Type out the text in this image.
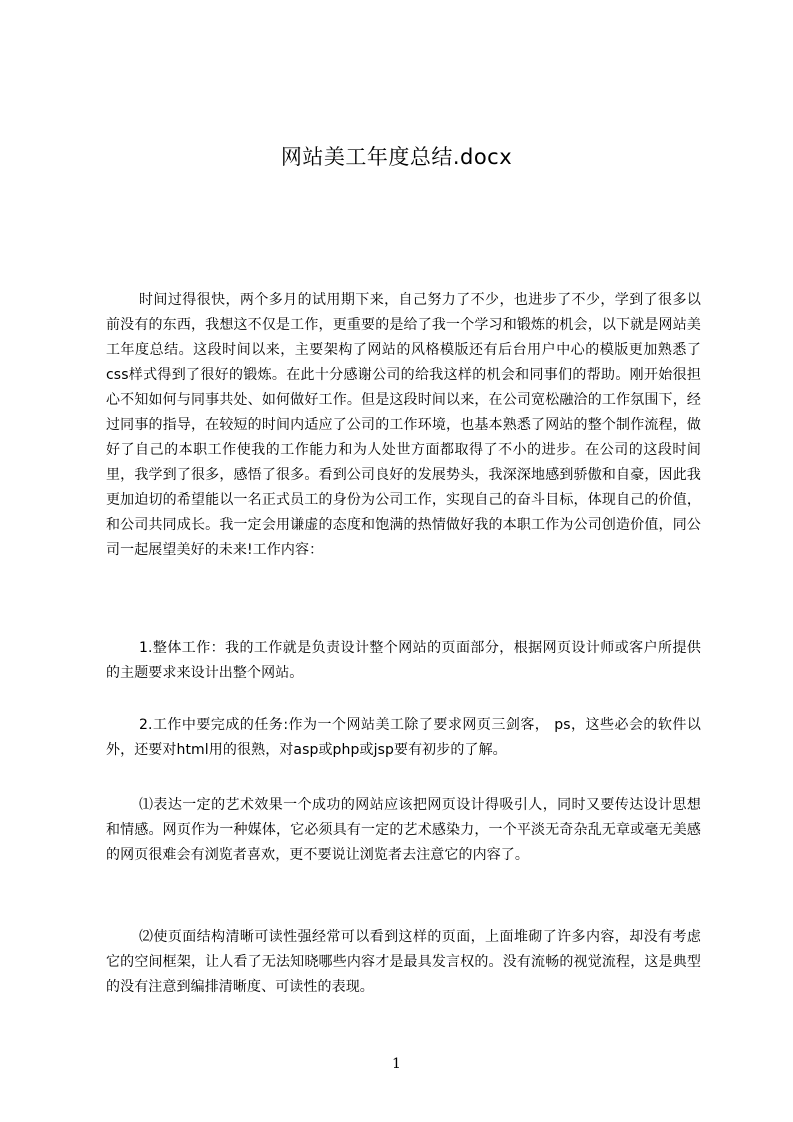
网站美工年度总结.docx

时间过得很快，两个多月的试用期下来，自己努力了不少，也进步了不少，学到了很多以前没有的东西，我想这不仅是工作，更重要的是给了我一个学习和锻炼的机会，以下就是网站美工年度总结。这段时间以来，主要架构了网站的风格模版还有后台用户中心的模版更加熟悉了css样式得到了很好的锻炼。在此十分感谢公司的给我这样的机会和同事们的帮助。刚开始很担心不知如何与同事共处、如何做好工作。但是这段时间以来，在公司宽松融洽的工作氛围下，经过同事的指导，在较短的时间内适应了公司的工作环境，也基本熟悉了网站的整个制作流程，做好了自己的本职工作使我的工作能力和为人处世方面都取得了不小的进步。在公司的这段时间里，我学到了很多，感悟了很多。看到公司良好的发展势头，我深深地感到骄傲和自豪，因此我更加迫切的希望能以一名正式员工的身份为公司工作，实现自己的奋斗目标，体现自己的价值，和公司共同成长。我一定会用谦虚的态度和饱满的热情做好我的本职工作为公司创造价值，同公司一起展望美好的未来!工作内容：

1.整体工作：我的工作就是负责设计整个网站的页面部分，根据网页设计师或客户所提供的主题要求来设计出整个网站。

2.工作中要完成的任务:作为一个网站美工除了要求网页三剑客， ps，这些必会的软件以外，还要对html用的很熟，对asp或php或jsp要有初步的了解。

⑴表达一定的艺术效果一个成功的网站应该把网页设计得吸引人，同时又要传达设计思想和情感。网页作为一种媒体，它必须具有一定的艺术感染力，一个平淡无奇杂乱无章或毫无美感的网页很难会有浏览者喜欢，更不要说让浏览者去注意它的内容了。

⑵使页面结构清晰可读性强经常可以看到这样的页面，上面堆砌了许多内容，却没有考虑它的空间框架，让人看了无法知晓哪些内容才是最具发言权的。没有流畅的视觉流程，这是典型的没有注意到编排清晰度、可读性的表现。

1
